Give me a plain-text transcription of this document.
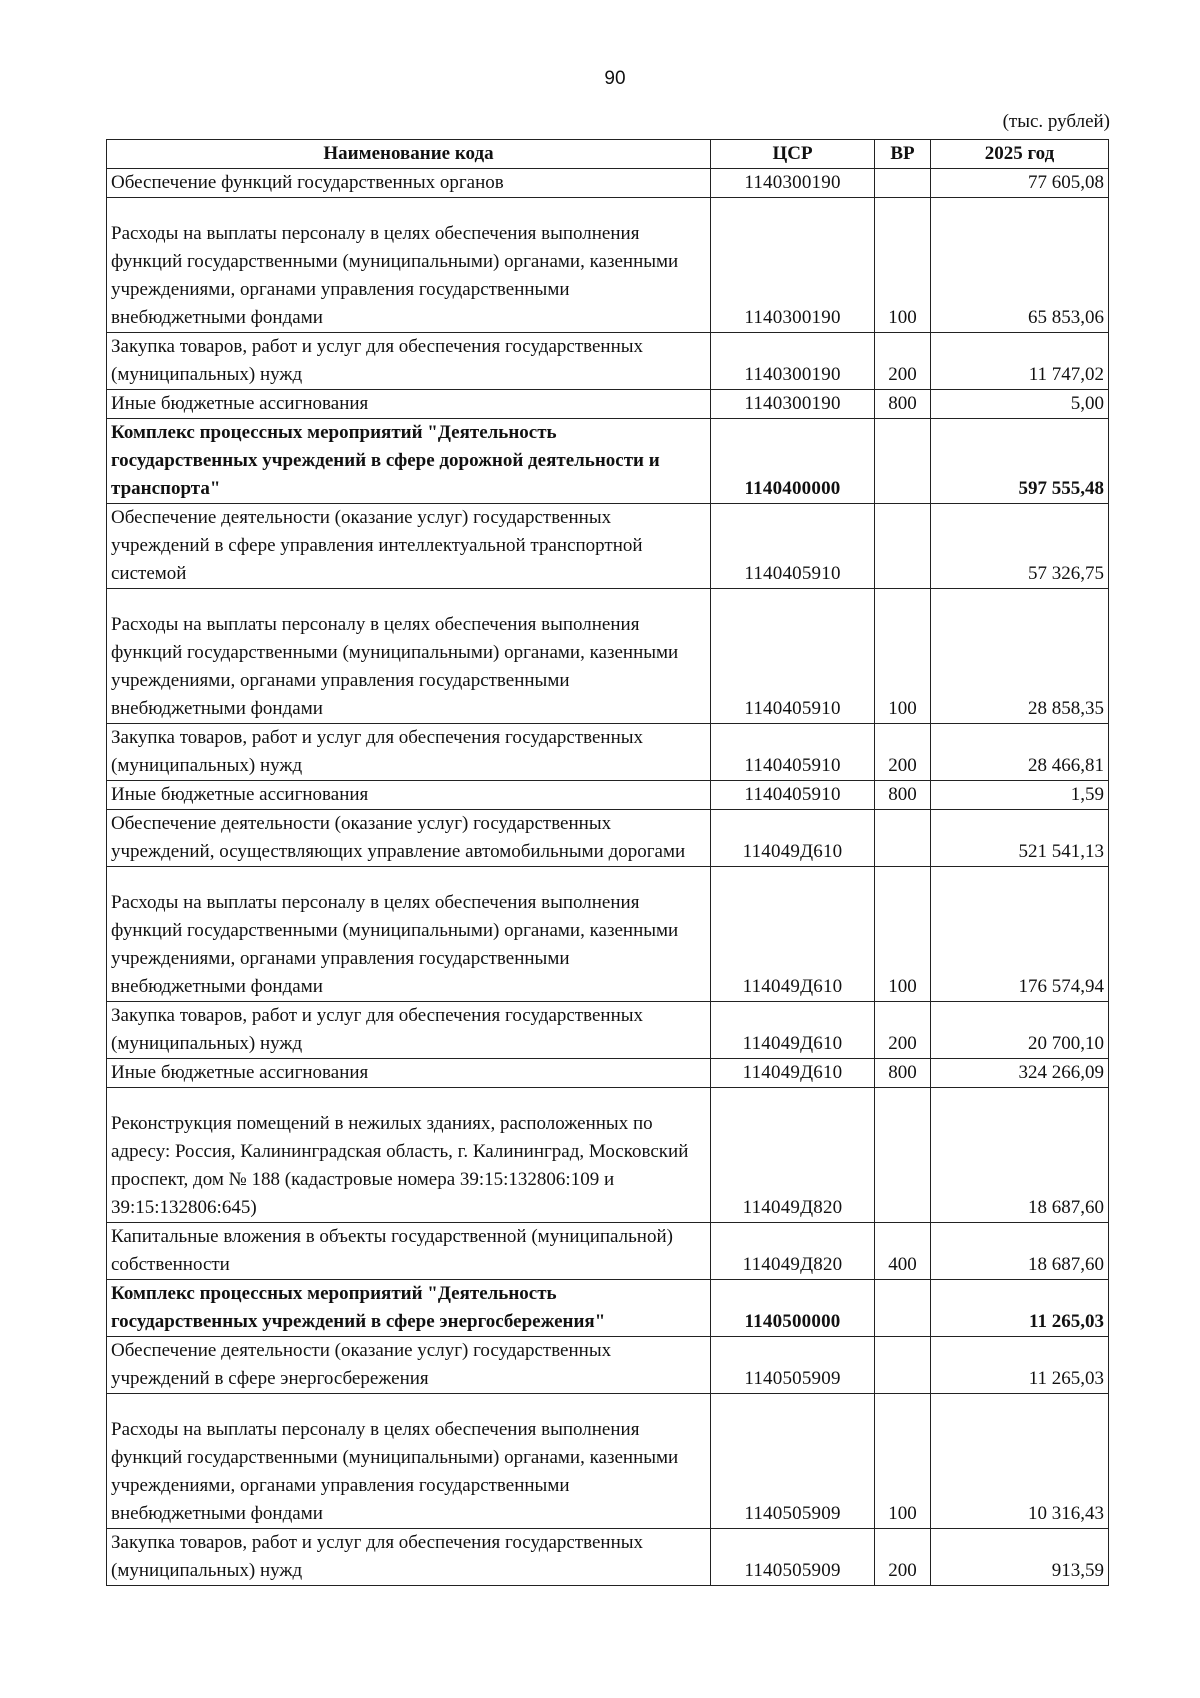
90
(тыс. рублей)
Наименование кода	ЦСР	ВР	2025 год
Обеспечение функций государственных органов	1140300190		77 605,08
Расходы на выплаты персоналу в целях обеспечения выполнения функций государственными (муниципальными) органами, казенными учреждениями, органами управления государственными внебюджетными фондами	1140300190	100	65 853,06
Закупка товаров, работ и услуг для обеспечения государственных (муниципальных) нужд	1140300190	200	11 747,02
Иные бюджетные ассигнования	1140300190	800	5,00
Комплекс процессных мероприятий "Деятельность государственных учреждений в сфере дорожной деятельности и транспорта"	1140400000		597 555,48
Обеспечение деятельности (оказание услуг) государственных учреждений в сфере управления интеллектуальной транспортной системой	1140405910		57 326,75
Расходы на выплаты персоналу в целях обеспечения выполнения функций государственными (муниципальными) органами, казенными учреждениями, органами управления государственными внебюджетными фондами	1140405910	100	28 858,35
Закупка товаров, работ и услуг для обеспечения государственных (муниципальных) нужд	1140405910	200	28 466,81
Иные бюджетные ассигнования	1140405910	800	1,59
Обеспечение деятельности (оказание услуг) государственных учреждений, осуществляющих управление автомобильными дорогами	114049Д610		521 541,13
Расходы на выплаты персоналу в целях обеспечения выполнения функций государственными (муниципальными) органами, казенными учреждениями, органами управления государственными внебюджетными фондами	114049Д610	100	176 574,94
Закупка товаров, работ и услуг для обеспечения государственных (муниципальных) нужд	114049Д610	200	20 700,10
Иные бюджетные ассигнования	114049Д610	800	324 266,09
Реконструкция помещений в нежилых зданиях, расположенных по адресу: Россия, Калининградская область, г. Калининград, Московский проспект, дом № 188 (кадастровые номера 39:15:132806:109 и 39:15:132806:645)	114049Д820		18 687,60
Капитальные вложения в объекты государственной (муниципальной) собственности	114049Д820	400	18 687,60
Комплекс процессных мероприятий "Деятельность государственных учреждений в сфере энергосбережения"	1140500000		11 265,03
Обеспечение деятельности (оказание услуг) государственных учреждений в сфере энергосбережения	1140505909		11 265,03
Расходы на выплаты персоналу в целях обеспечения выполнения функций государственными (муниципальными) органами, казенными учреждениями, органами управления государственными внебюджетными фондами	1140505909	100	10 316,43
Закупка товаров, работ и услуг для обеспечения государственных (муниципальных) нужд	1140505909	200	913,59
